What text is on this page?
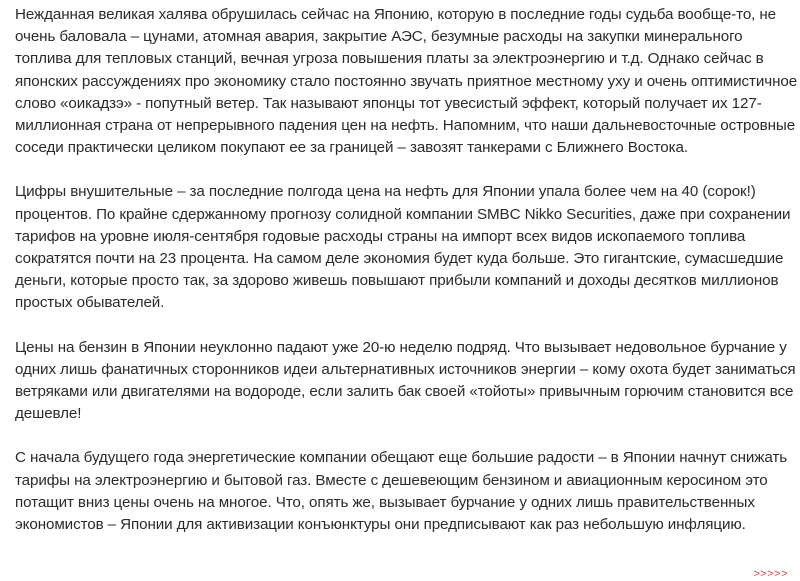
Нежданная великая халява обрушилась сейчас на Японию, которую в последние годы судьба вообще-то, не очень баловала – цунами, атомная авария, закрытие АЭС, безумные расходы на закупки минерального топлива для тепловых станций, вечная угроза повышения платы за электроэнергию и т.д. Однако сейчас в японских рассуждениях про экономику стало постоянно звучать приятное местному уху и очень оптимистичное слово «оикадзэ» - попутный ветер. Так называют японцы тот увесистый эффект, который получает их 127-миллионная страна от непрерывного падения цен на нефть. Напомним, что наши дальневосточные островные соседи практически целиком покупают ее за границей – завозят танкерами с Ближнего Востока.

Цифры внушительные – за последние полгода цена на нефть для Японии упала более чем на 40 (сорок!) процентов. По крайне сдержанному прогнозу солидной компании SMBC Nikko Securities, даже при сохранении тарифов на уровне июля-сентября годовые расходы страны на импорт всех видов ископаемого топлива сократятся почти на 23 процента. На самом деле экономия будет куда больше. Это гигантские, сумасшедшие деньги, которые просто так, за здорово живешь повышают прибыли компаний и доходы десятков миллионов простых обывателей.

Цены на бензин в Японии неуклонно падают уже 20-ю неделю подряд. Что вызывает недовольное бурчание у одних лишь фанатичных сторонников идеи альтернативных источников энергии – кому охота будет заниматься ветряками или двигателями на водороде, если залить бак своей «тойоты» привычным горючим становится все дешевле!

С начала будущего года энергетические компании обещают еще большие радости – в Японии начнут снижать тарифы на электроэнергию и бытовой газ. Вместе с дешевеющим бензином и авиационным керосином это потащит вниз цены очень на многое. Что, опять же, вызывает бурчание у одних лишь правительственных экономистов – Японии для активизации конъюнктуры они предписывают как раз небольшую инфляцию.

>>>>>
